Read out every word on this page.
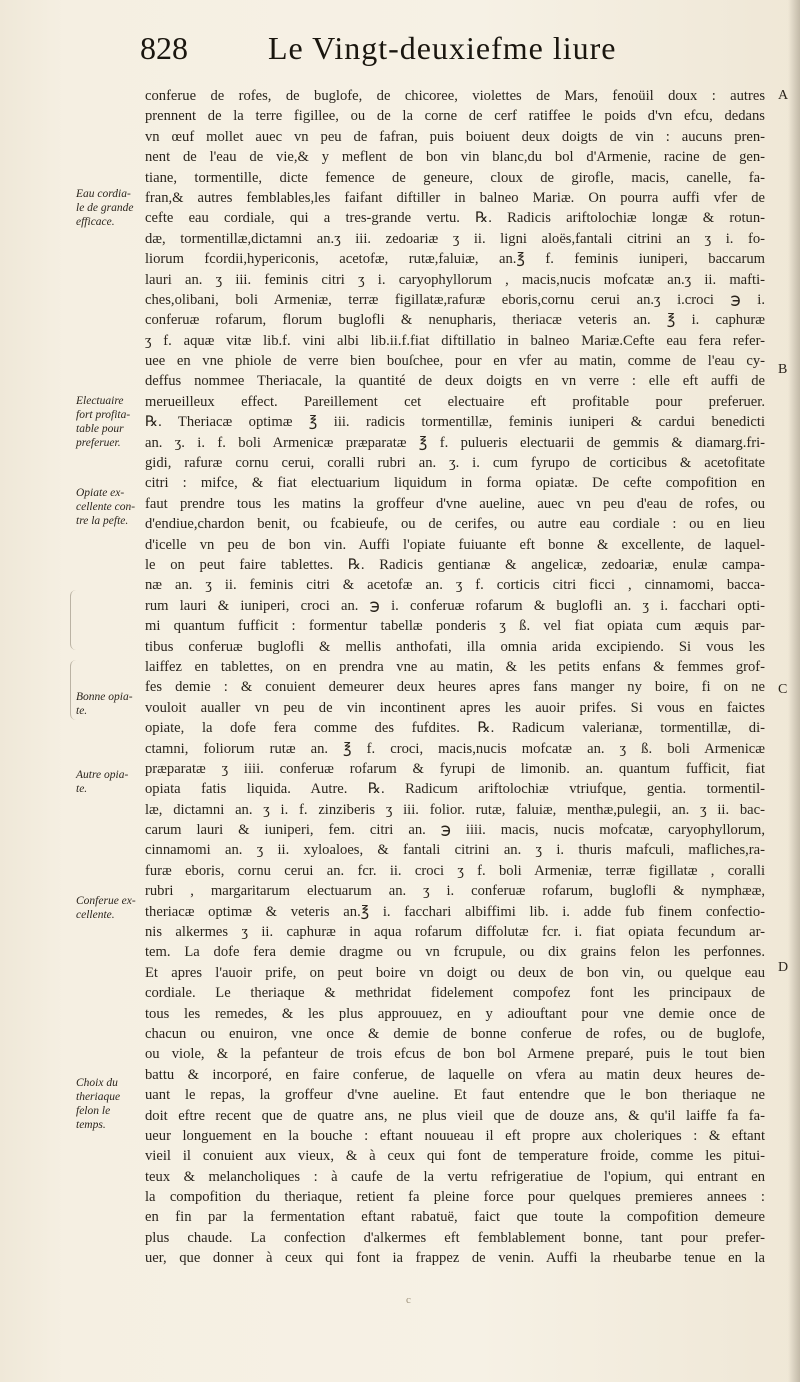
828	Le Vingt-deuxiefme liure
conferue de rofes, de buglofe, de chicoree, violettes de Mars, fenoüil doux : autres
prennent de la terre figillee, ou de la corne de cerf ratiffee le poids d'vn efcu, dedans
vn œuf mollet auec vn peu de fafran, puis boiuent deux doigts de vin : aucuns pren-
nent de l'eau de vie,& y meflent de bon vin blanc,du bol d'Armenie, racine de gen-
tiane, tormentille, dicte femence de geneure, cloux de girofle, macis, canelle, fa-
fran,& autres femblables,les faifant diftiller in balneo Mariæ. On pourra auffi vfer de
cefte eau cordiale, qui a tres-grande vertu. ℞. Radicis ariftolochiæ longæ & rotun-
dæ, tormentillæ,dictamni an.ʒ iii. zedoariæ ʒ ii. ligni aloës,fantali citrini an ʒ i. fo-
liorum fcordii,hypericonis, acetofæ, rutæ,faluiæ, an.℥ f. feminis iuniperi, baccarum
lauri an. ʒ iii. feminis citri ʒ i. caryophyllorum , macis,nucis mofcatæ an.ʒ ii. mafti-
ches,olibani, boli Armeniæ, terræ figillatæ,rafuræ eboris,cornu cerui an.ʒ i.croci ℈ i.
conferuæ rofarum, florum buglofli & nenupharis, theriacæ veteris an. ℥ i. caphuræ
ʒ f. aquæ vitæ lib.f. vini albi lib.ii.f.fiat diftillatio in balneo Mariæ.Cefte eau fera refer-
uee en vne phiole de verre bien bouſchee, pour en vfer au matin, comme de l'eau cy-
deffus nommee Theriacale, la quantité de deux doigts en vn verre : elle eft auffi de
merueilleux effect. Pareillement cet electuaire eft profitable pour preferuer.
℞. Theriacæ optimæ ℥ iii. radicis tormentillæ, feminis iuniperi & cardui benedicti
an. ʒ. i. f. boli Armenicæ præparatæ ℥ f. pulueris electuarii de gemmis & diamarg.fri-
gidi, rafuræ cornu cerui, coralli rubri an. ʒ. i. cum fyrupo de corticibus & acetofitate
citri : mifce, & fiat electuarium liquidum in forma opiatæ. De cefte compofition en
faut prendre tous les matins la groffeur d'vne aueline, auec vn peu d'eau de rofes, ou
d'endiue,chardon benit, ou fcabieufe, ou de cerifes, ou autre eau cordiale : ou en lieu
d'icelle vn peu de bon vin. Auffi l'opiate fuiuante eft bonne & excellente, de laquel-
le on peut faire tablettes. ℞. Radicis gentianæ & angelicæ, zedoariæ, enulæ campa-
næ an. ʒ ii. feminis citri & acetofæ an. ʒ f. corticis citri ficci , cinnamomi, bacca-
rum lauri & iuniperi, croci an. ℈ i. conferuæ rofarum & buglofli an. ʒ i. facchari opti-
mi quantum fufficit : formentur tabellæ ponderis ʒ ß. vel fiat opiata cum æquis par-
tibus conferuæ buglofli & mellis anthofati, illa omnia arida excipiendo. Si vous les
laiffez en tablettes, on en prendra vne au matin, & les petits enfans & femmes grof-
fes demie : & conuient demeurer deux heures apres fans manger ny boire, fi on ne
vouloit aualler vn peu de vin incontinent apres les auoir prifes. Si vous en faictes
opiate, la dofe fera comme des fufdites. ℞. Radicum valerianæ, tormentillæ, di-
ctamni, foliorum rutæ an. ℥ f. croci, macis,nucis mofcatæ an. ʒ ß. boli Armenicæ
præparatæ ʒ iiii. conferuæ rofarum & fyrupi de limonib. an. quantum fufficit, fiat
opiata fatis liquida. Autre. ℞. Radicum ariftolochiæ vtriufque, gentia. tormentil-
læ, dictamni an. ʒ i. f. zinziberis ʒ iii. folior. rutæ, faluiæ, menthæ,pulegii, an. ʒ ii. bac-
carum lauri & iuniperi, fem. citri an. ℈ iiii. macis, nucis mofcatæ, caryophyllorum,
cinnamomi an. ʒ ii. xyloaloes, & fantali citrini an. ʒ i. thuris mafculi, mafliches,ra-
furæ eboris, cornu cerui an. fcr. ii. croci ʒ f. boli Armeniæ, terræ figillatæ , coralli
rubri , margaritarum electuarum an. ʒ i. conferuæ rofarum, buglofli & nymphææ,
theriacæ optimæ & veteris an.℥ i. facchari albiffimi lib. i. adde fub finem confectio-
nis alkermes ʒ ii. caphuræ in aqua rofarum diffolutæ fcr. i. fiat opiata fecundum ar-
tem. La dofe fera demie dragme ou vn fcrupule, ou dix grains felon les perfonnes.
Et apres l'auoir prife, on peut boire vn doigt ou deux de bon vin, ou quelque eau
cordiale. Le theriaque & methridat fidelement compofez font les principaux de
tous les remedes, & les plus approuuez, en y adiouftant pour vne demie once de
chacun ou enuiron, vne once & demie de bonne conferue de rofes, ou de buglofe,
ou viole, & la pefanteur de trois efcus de bon bol Armene preparé, puis le tout bien
battu & incorporé, en faire conferue, de laquelle on vfera au matin deux heures de-
uant le repas, la groffeur d'vne aueline. Et faut entendre que le bon theriaque ne
doit eftre recent que de quatre ans, ne plus vieil que de douze ans, & qu'il laiffe fa fa-
ueur longuement en la bouche : eftant nouueau il eft propre aux choleriques : & eftant
vieil il conuient aux vieux, & à ceux qui font de temperature froide, comme les pitui-
teux & melancholiques : à caufe de la vertu refrigeratiue de l'opium, qui entrant en
la compofition du theriaque, retient fa pleine force pour quelques premieres annees :
en fin par la fermentation eftant rabatuë, faict que toute la compofition demeure
plus chaude. La confection d'alkermes eft femblablement bonne, tant pour prefer-
uer, que donner à ceux qui font ia frappez de venin. Auffi la rheubarbe tenue en la
Eau cordia-
le de grande
efficace.
Electuaire
fort profita-
table pour
preferuer.
Opiate ex-
cellente con-
tre la pefte.
Bonne opia-
te.
Autre opia-
te.
Conferue ex-
cellente.
Choix du
theriaque
felon le
temps.
A
B
C
D
c
